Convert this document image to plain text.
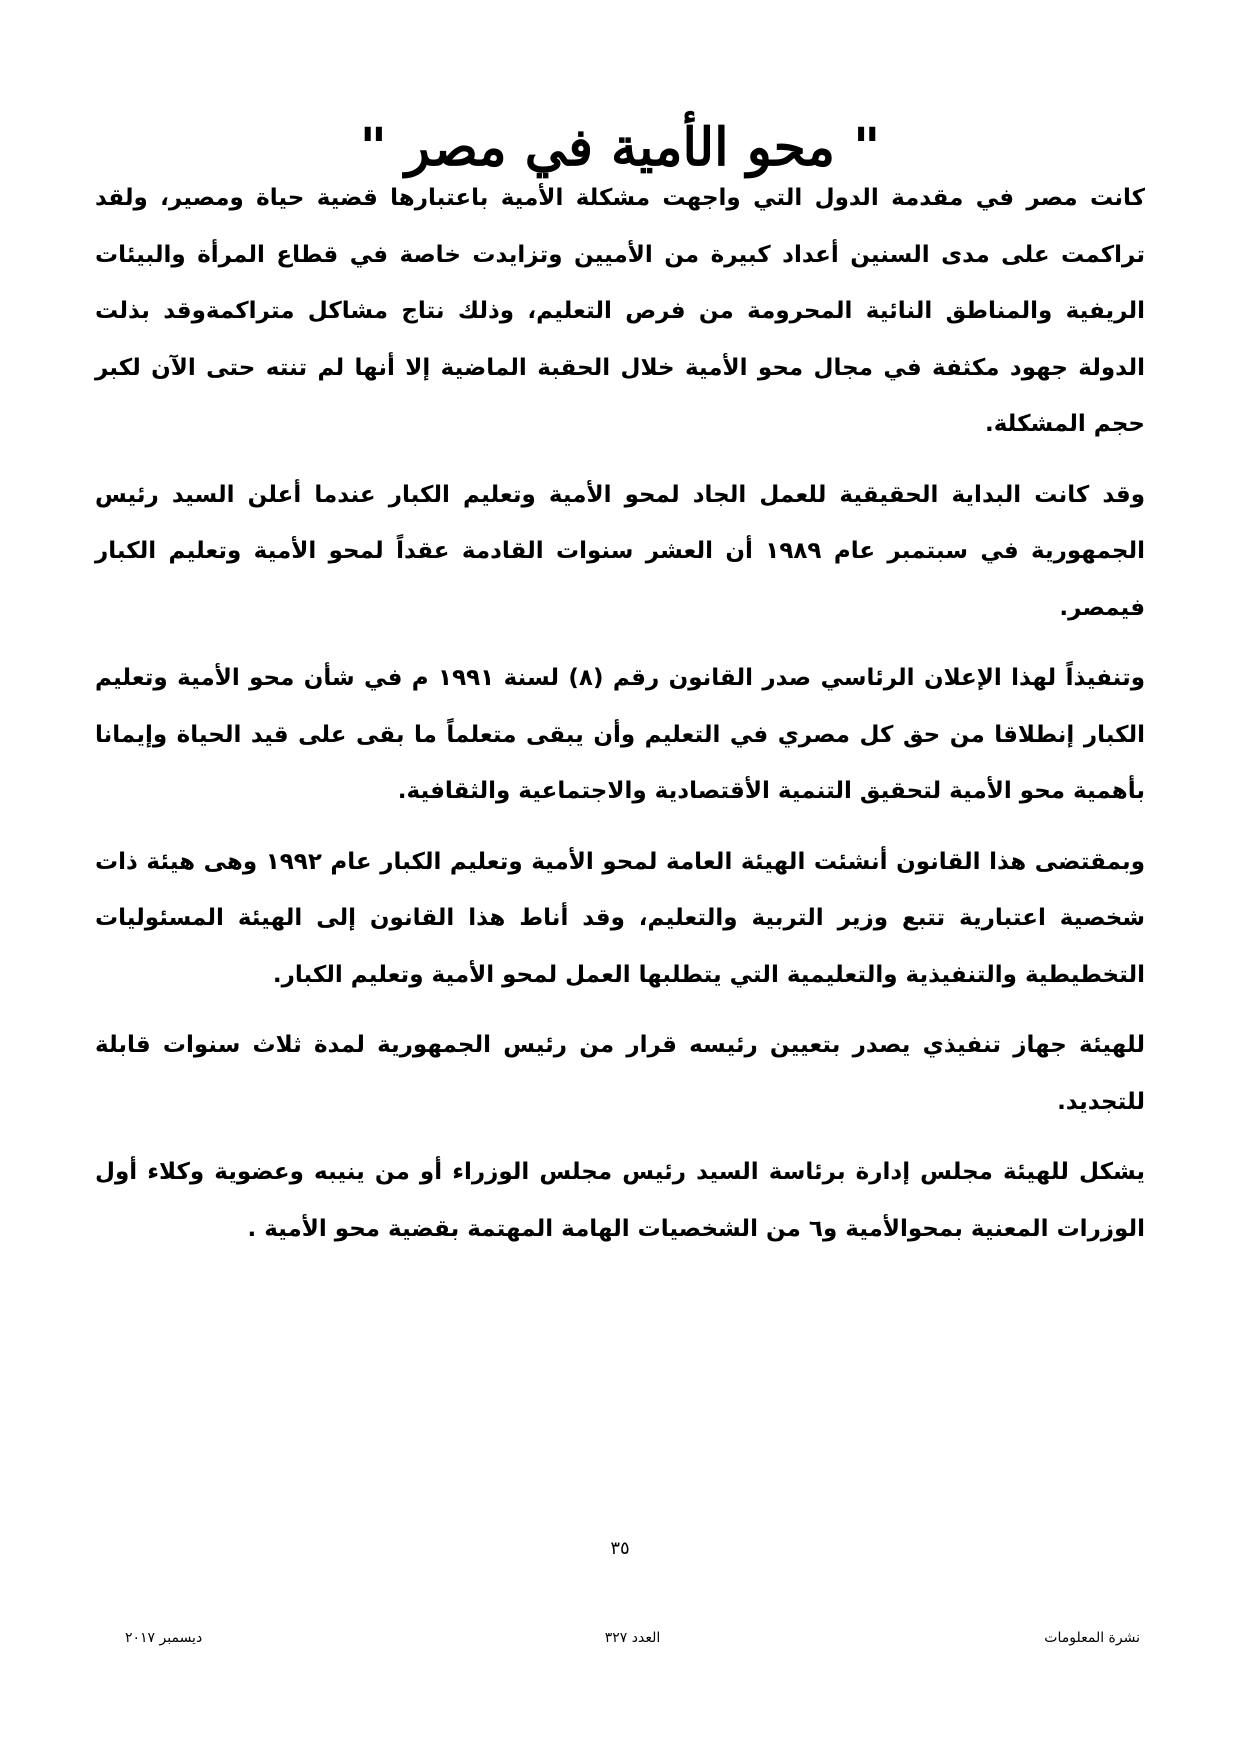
" محو الأمية في مصر "

كانت مصر في مقدمة الدول التي واجهت مشكلة الأمية باعتبارها قضية حياة ومصير، ولقد تراكمت على مدى السنين أعداد كبيرة من الأميين وتزايدت خاصة في قطاع المرأة والبيئات الريفية والمناطق النائية المحرومة من فرص التعليم، وذلك نتاج مشاكل متراكمةوقد بذلت الدولة جهود مكثفة في مجال محو الأمية خلال الحقبة الماضية إلا أنها لم تنته حتى الآن لكبر حجم المشكلة.

وقد كانت البداية الحقيقية للعمل الجاد لمحو الأمية وتعليم الكبار عندما أعلن السيد رئيس الجمهورية في سبتمبر عام ١٩٨٩ أن العشر سنوات القادمة عقداً لمحو الأمية وتعليم الكبار فيمصر.

وتنفيذاً لهذا الإعلان الرئاسي صدر القانون رقم (٨) لسنة ١٩٩١ م في شأن محو الأمية وتعليم الكبار إنطلاقا من حق كل مصري في التعليم وأن يبقى متعلماً ما بقى على قيد الحياة وإيمانا بأهمية محو الأمية لتحقيق التنمية الأقتصادية والاجتماعية والثقافية.

وبمقتضى هذا القانون أنشئت الهيئة العامة لمحو الأمية وتعليم الكبار عام ١٩٩٢ وهى هيئة ذات شخصية اعتبارية تتبع وزير التربية والتعليم، وقد أناط هذا القانون إلى الهيئة المسئوليات التخطيطية والتنفيذية والتعليمية التي يتطلبها العمل لمحو الأمية وتعليم الكبار.

للهيئة جهاز تنفيذي يصدر بتعيين رئيسه قرار من رئيس الجمهورية لمدة ثلاث سنوات قابلة للتجديد.

يشكل للهيئة مجلس إدارة برئاسة السيد رئيس مجلس الوزراء أو من ينيبه وعضوية وكلاء أول الوزرات المعنية بمحوالأمية و٦ من الشخصيات الهامة المهتمة بقضية محو الأمية .

٣٥
نشرة المعلومات
العدد ٣٢٧
ديسمبر ٢٠١٧
